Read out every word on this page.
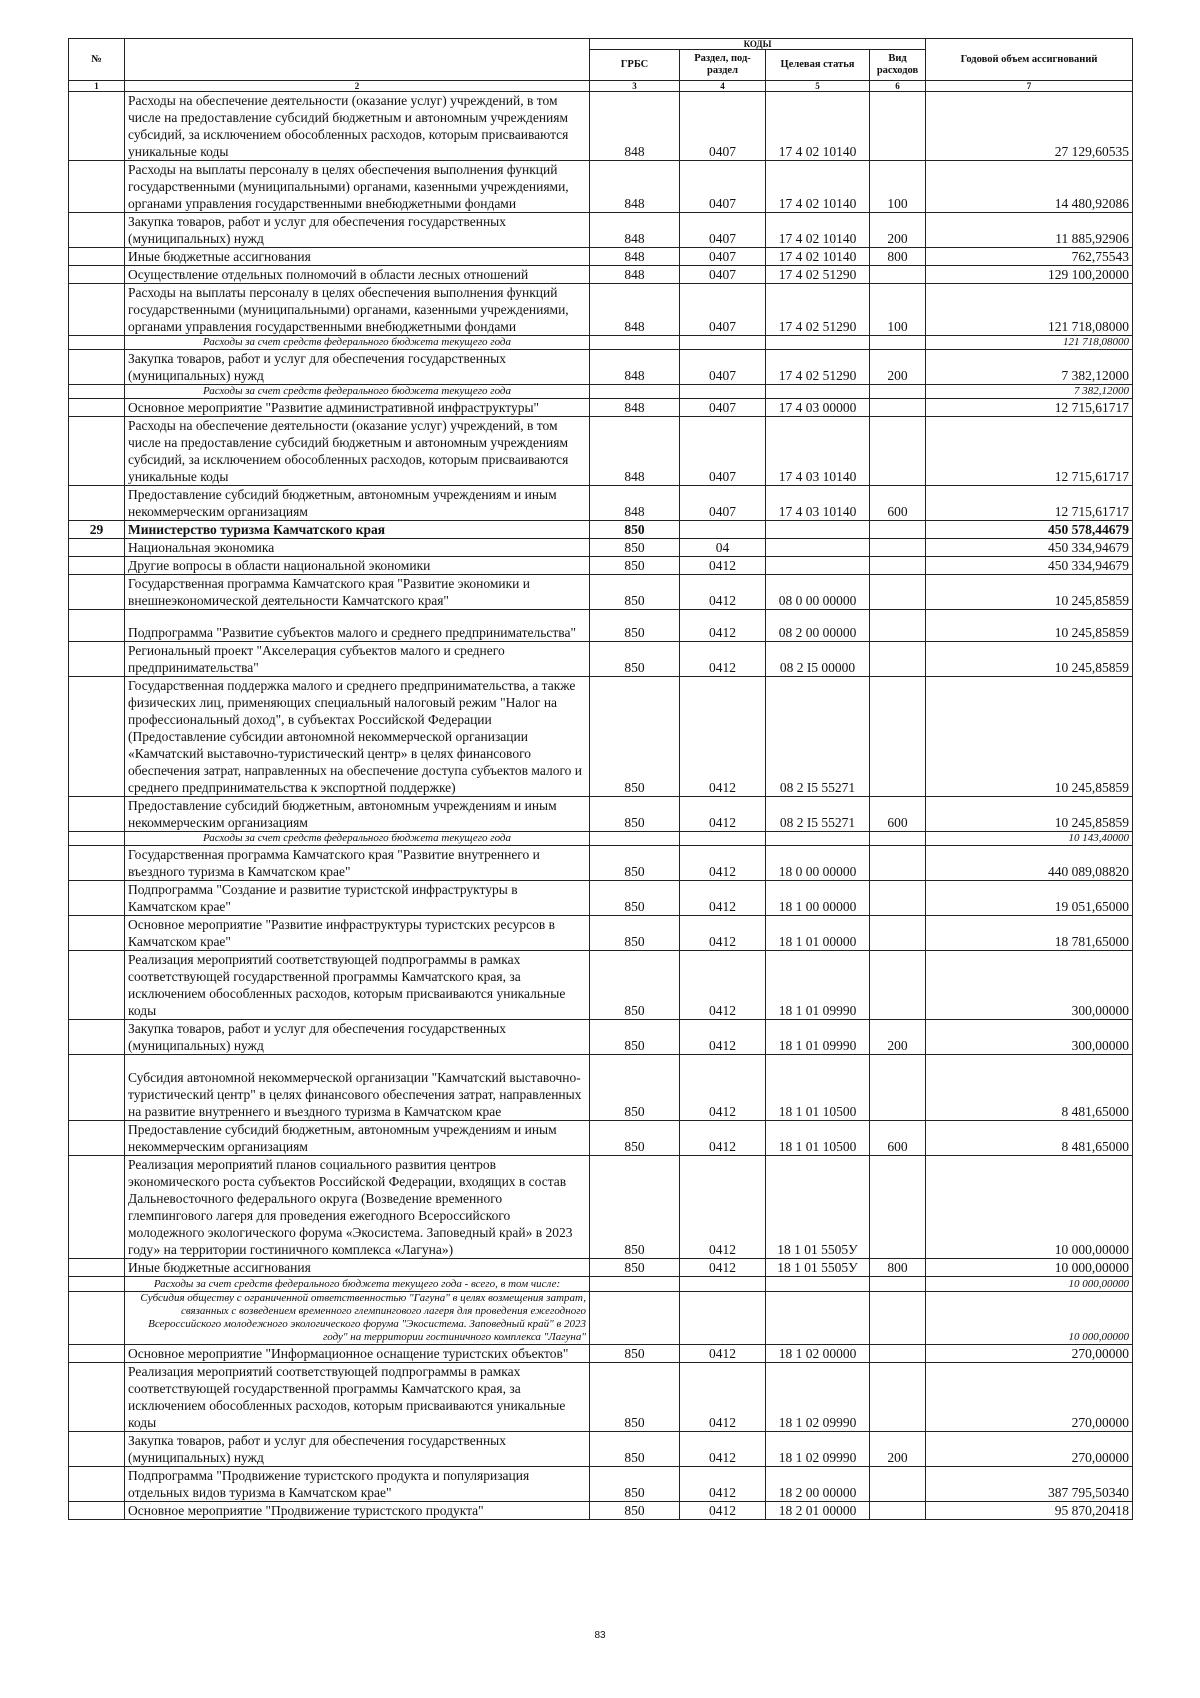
№		КОДЫ				Годовой объем ассигнований
		ГРБС	Раздел, под-раздел	Целевая статья	Вид расходов	
1	2	3	4	5	6	7
	Расходы на обеспечение деятельности (оказание услуг) учреждений, в том числе на предоставление субсидий бюджетным и автономным учреждениям субсидий, за исключением обособленных расходов, которым присваиваются уникальные коды	848	0407	17 4 02 10140		27 129,60535
	Расходы на выплаты персоналу в целях обеспечения выполнения функций государственными (муниципальными) органами, казенными учреждениями, органами управления государственными внебюджетными фондами	848	0407	17 4 02 10140	100	14 480,92086
	Закупка товаров, работ и услуг для обеспечения государственных (муниципальных) нужд	848	0407	17 4 02 10140	200	11 885,92906
	Иные бюджетные ассигнования	848	0407	17 4 02 10140	800	762,75543
	Осуществление отдельных полномочий в области лесных отношений	848	0407	17 4 02 51290		129 100,20000
	Расходы на выплаты персоналу в целях обеспечения выполнения функций государственными (муниципальными) органами, казенными учреждениями, органами управления государственными внебюджетными фондами	848	0407	17 4 02 51290	100	121 718,08000
	Расходы за счет средств федерального бюджета текущего года					121 718,08000
	Закупка товаров, работ и услуг для обеспечения государственных (муниципальных) нужд	848	0407	17 4 02 51290	200	7 382,12000
	Расходы за счет средств федерального бюджета текущего года					7 382,12000
	Основное мероприятие "Развитие административной инфраструктуры"	848	0407	17 4 03 00000		12 715,61717
	Расходы на обеспечение деятельности (оказание услуг) учреждений, в том числе на предоставление субсидий бюджетным и автономным учреждениям субсидий, за исключением обособленных расходов, которым присваиваются уникальные коды	848	0407	17 4 03 10140		12 715,61717
	Предоставление субсидий бюджетным, автономным учреждениям и иным некоммерческим организациям	848	0407	17 4 03 10140	600	12 715,61717
29	Министерство туризма Камчатского края	850				450 578,44679
	Национальная экономика	850	04			450 334,94679
	Другие вопросы в области национальной экономики	850	0412			450 334,94679
	Государственная программа Камчатского края "Развитие экономики и внешнеэкономической деятельности Камчатского края"	850	0412	08 0 00 00000		10 245,85859
	Подпрограмма "Развитие субъектов малого и среднего предпринимательства"	850	0412	08 2 00 00000		10 245,85859
	Региональный проект "Акселерация субъектов малого и среднего предпринимательства"	850	0412	08 2 I5 00000		10 245,85859
	Государственная поддержка малого и среднего предпринимательства, а также физических лиц, применяющих специальный налоговый режим "Налог на профессиональный доход", в субъектах Российской Федерации (Предоставление субсидии автономной некоммерческой организации «Камчатский выставочно-туристический центр» в целях финансового обеспечения затрат, направленных на обеспечение доступа субъектов малого и среднего предпринимательства к экспортной поддержке)	850	0412	08 2 I5 55271		10 245,85859
	Предоставление субсидий бюджетным, автономным учреждениям и иным некоммерческим организациям	850	0412	08 2 I5 55271	600	10 245,85859
	Расходы за счет средств федерального бюджета текущего года					10 143,40000
	Государственная программа Камчатского края "Развитие внутреннего и въездного туризма в Камчатском крае"	850	0412	18 0 00 00000		440 089,08820
	Подпрограмма "Создание и развитие туристской инфраструктуры в Камчатском крае"	850	0412	18 1 00 00000		19 051,65000
	Основное мероприятие "Развитие инфраструктуры туристских ресурсов в Камчатском крае"	850	0412	18 1 01 00000		18 781,65000
	Реализация мероприятий соответствующей подпрограммы в рамках соответствующей государственной программы Камчатского края, за исключением обособленных расходов, которым присваиваются уникальные коды	850	0412	18 1 01 09990		300,00000
	Закупка товаров, работ и услуг для обеспечения государственных (муниципальных) нужд	850	0412	18 1 01 09990	200	300,00000
	Субсидия автономной некоммерческой организации "Камчатский выставочно-туристический центр" в целях финансового обеспечения затрат, направленных на развитие внутреннего и въездного туризма в Камчатском крае	850	0412	18 1 01 10500		8 481,65000
	Предоставление субсидий бюджетным, автономным учреждениям и иным некоммерческим организациям	850	0412	18 1 01 10500	600	8 481,65000
	Реализация мероприятий планов социального развития центров экономического роста субъектов Российской Федерации, входящих в состав Дальневосточного федерального округа (Возведение временного глемпингового лагеря для проведения ежегодного Всероссийского молодежного экологического форума «Экосистема. Заповедный край» в 2023 году» на территории гостиничного комплекса «Лагуна»)	850	0412	18 1 01 5505У		10 000,00000
	Иные бюджетные ассигнования	850	0412	18 1 01 5505У	800	10 000,00000
	Расходы за счет средств федерального бюджета текущего года - всего, в том числе:					10 000,00000
	Субсидия обществу с ограниченной ответственностью "Гагуна" в целях возмещения затрат, связанных с возведением временного глемпингового лагеря для проведения ежегодного Всероссийского молодежного экологического форума "Экосистема. Заповедный край" в 2023 году" на территории гостиничного комплекса "Лагуна"					10 000,00000
	Основное мероприятие "Информационное оснащение туристских объектов"	850	0412	18 1 02 00000		270,00000
	Реализация мероприятий соответствующей подпрограммы в рамках соответствующей государственной программы Камчатского края, за исключением обособленных расходов, которым присваиваются уникальные коды	850	0412	18 1 02 09990		270,00000
	Закупка товаров, работ и услуг для обеспечения государственных (муниципальных) нужд	850	0412	18 1 02 09990	200	270,00000
	Подпрограмма "Продвижение туристского продукта и популяризация отдельных видов туризма в Камчатском крае"	850	0412	18 2 00 00000		387 795,50340
	Основное мероприятие "Продвижение туристского продукта"	850	0412	18 2 01 00000		95 870,20418
83
